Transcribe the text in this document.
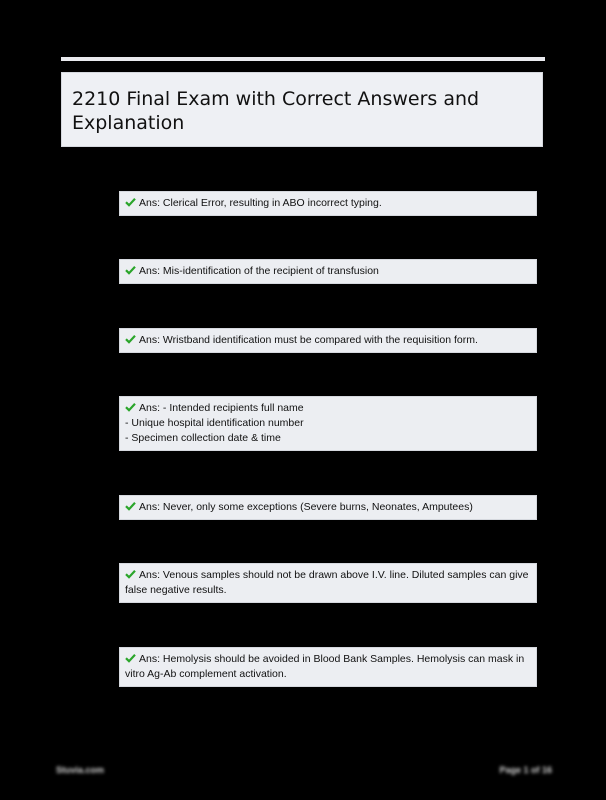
2210 Final Exam with Correct Answers and Explanation
Ans: Clerical Error, resulting in ABO incorrect typing.
Ans: Mis-identification of the recipient of transfusion
Ans: Wristband identification must be compared with the requisition form.
Ans: - Intended recipients full name
- Unique hospital identification number
- Specimen collection date & time
Ans: Never, only some exceptions (Severe burns, Neonates, Amputees)
Ans: Venous samples should not be drawn above I.V. line. Diluted samples can give false negative results.
Ans: Hemolysis should be avoided in Blood Bank Samples. Hemolysis can mask in vitro Ag-Ab complement activation.
Stuvia.com	Page 1 of 16
